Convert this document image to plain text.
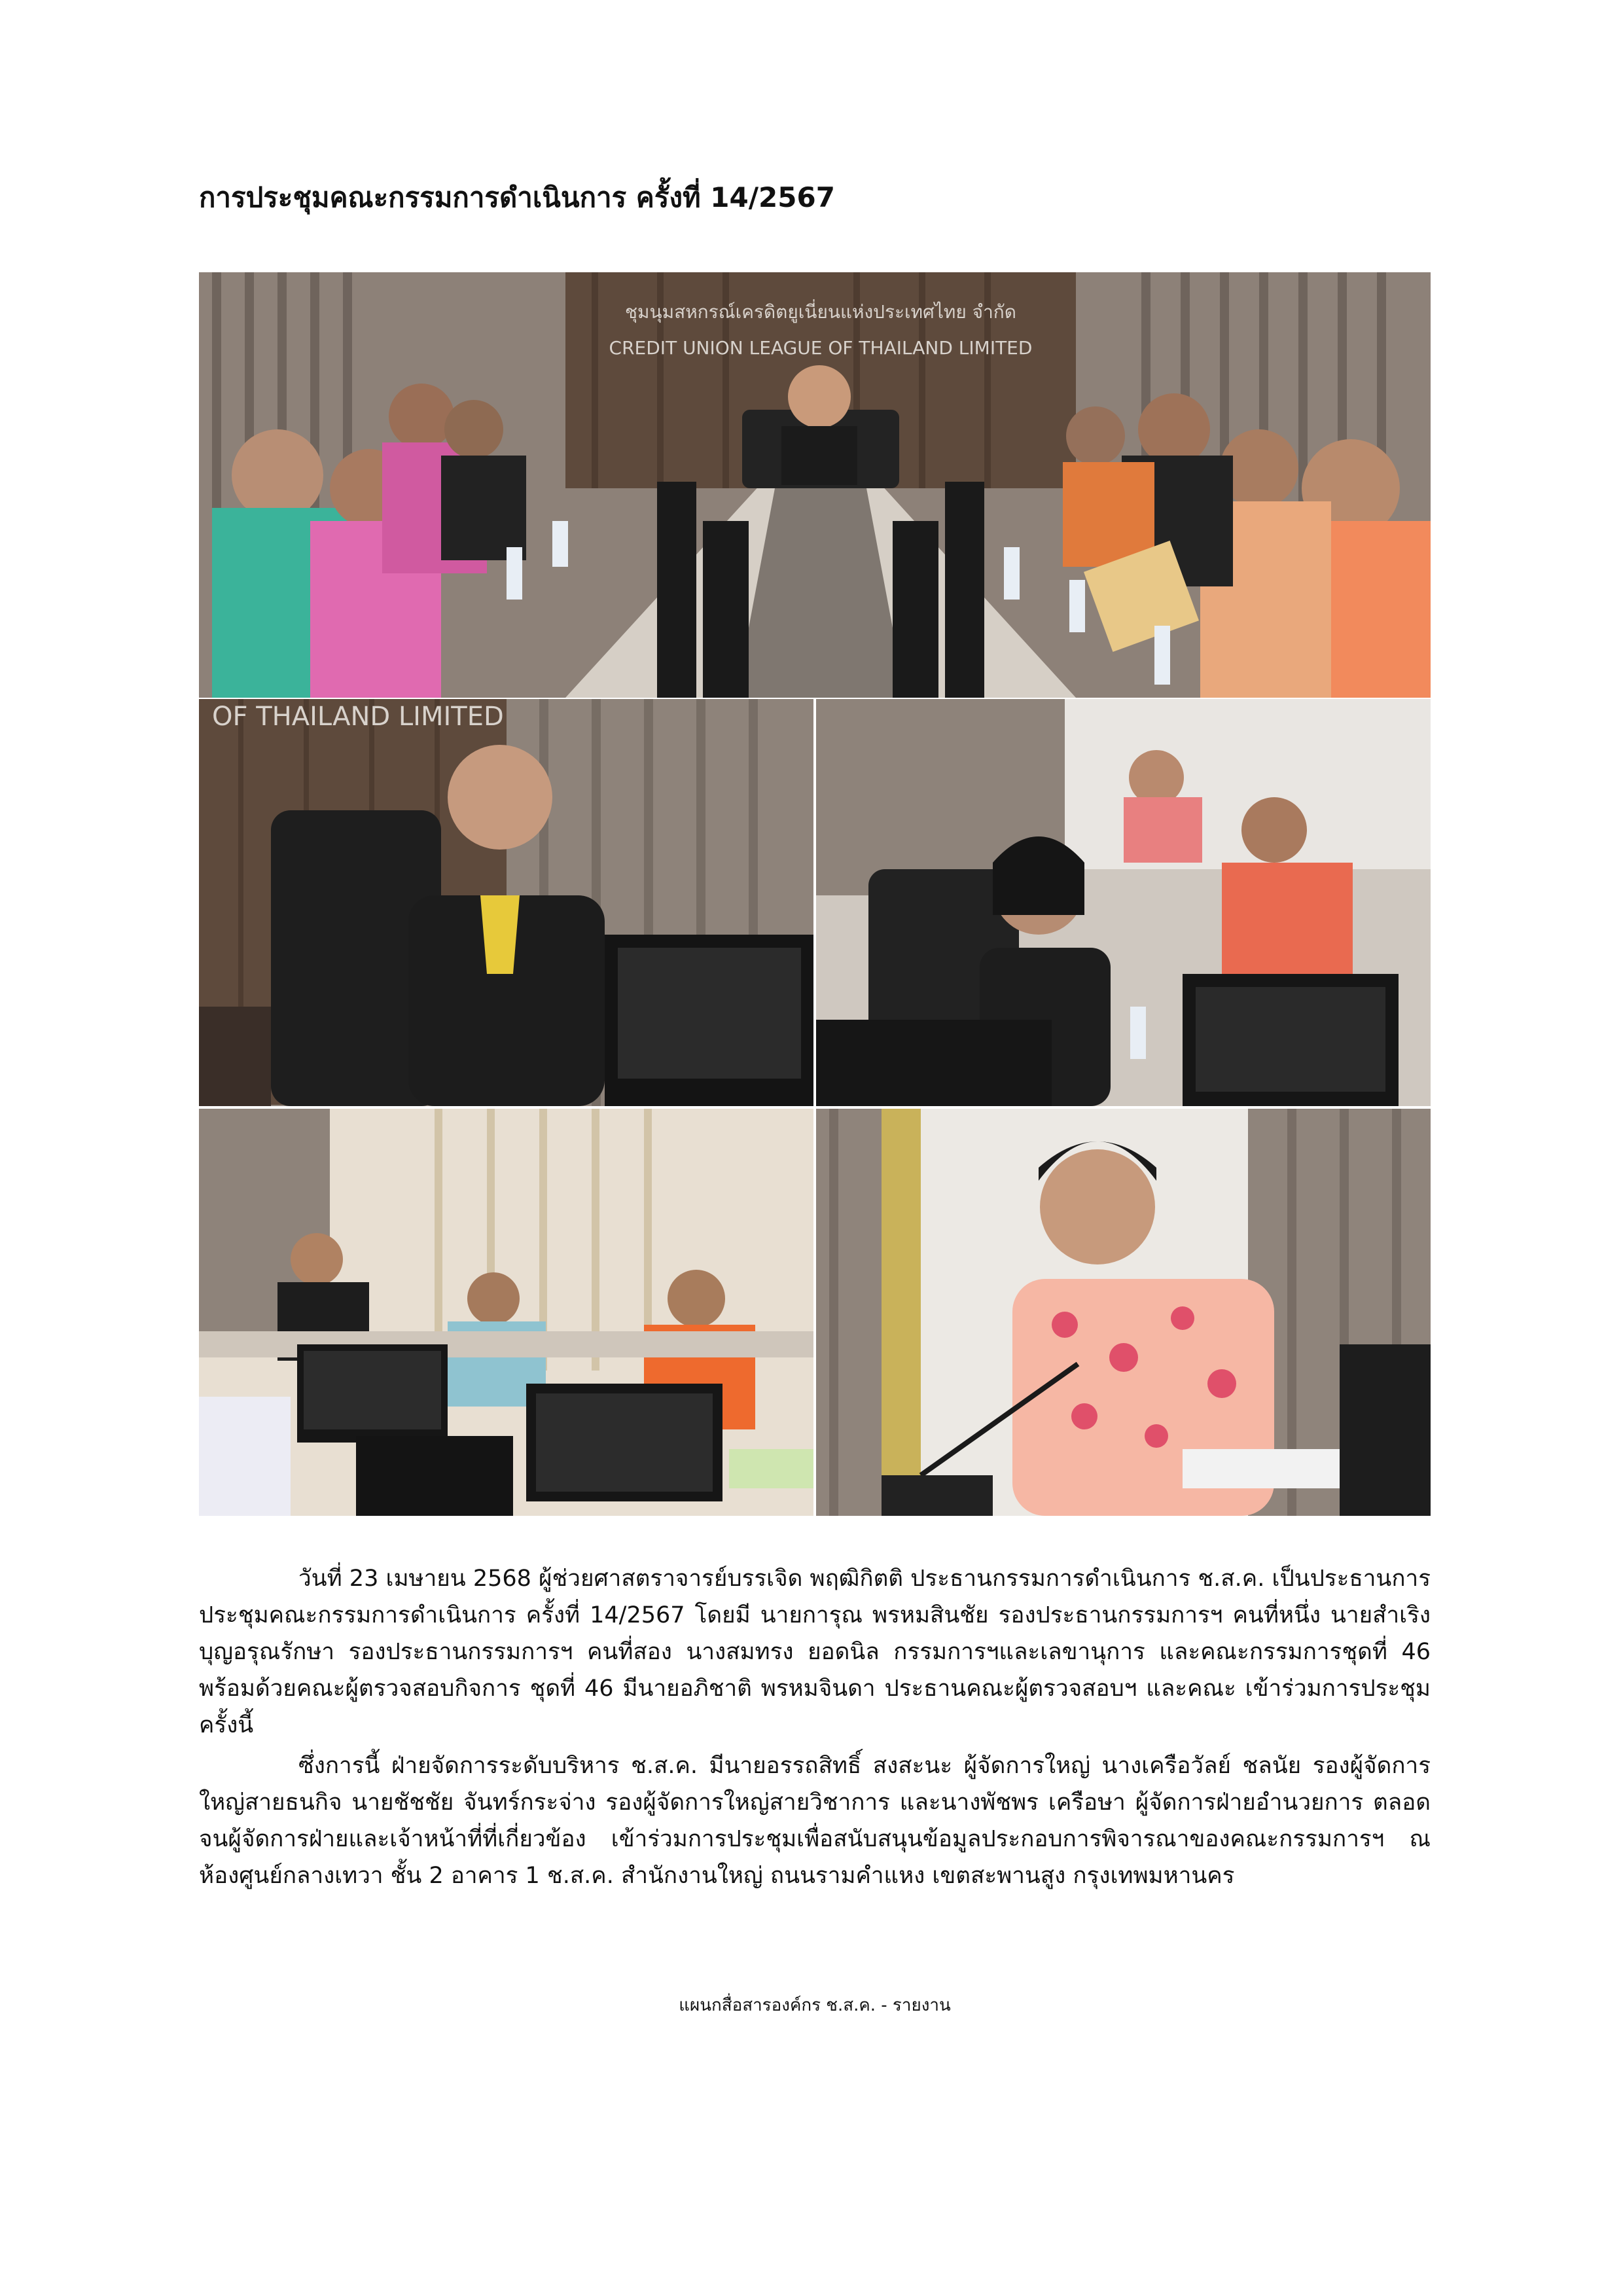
การประชุมคณะกรรมการดำเนินการ ครั้งที่ 14/2567
ชุมนุมสหกรณ์เครดิตยูเนี่ยนแห่งประเทศไทย จำกัด
CREDIT UNION LEAGUE OF THAILAND LIMITED
OF THAILAND LIMITED

วันที่ 23 เมษายน 2568 ผู้ช่วยศาสตราจารย์บรรเจิด พฤฒิกิตติ ประธานกรรมการดำเนินการ ช.ส.ค. เป็นประธานการประชุมคณะกรรมการดำเนินการ ครั้งที่ 14/2567 โดยมี นายการุณ พรหมสินชัย รองประธานกรรมการฯ คนที่หนึ่ง นายสำเริง บุญอรุณรักษา รองประธานกรรมการฯ คนที่สอง นางสมทรง ยอดนิล กรรมการฯและเลขานุการ และคณะกรรมการชุดที่ 46 พร้อมด้วยคณะผู้ตรวจสอบกิจการ ชุดที่ 46 มีนายอภิชาติ พรหมจินดา ประธานคณะผู้ตรวจสอบฯ และคณะ เข้าร่วมการประชุมครั้งนี้

ซึ่งการนี้ ฝ่ายจัดการระดับบริหาร ช.ส.ค. มีนายอรรถสิทธิ์ สงสะนะ ผู้จัดการใหญ่ นางเครือวัลย์ ชลนัย รองผู้จัดการใหญ่สายธนกิจ นายชัชชัย จันทร์กระจ่าง รองผู้จัดการใหญ่สายวิชาการ และนางพัชพร เครือษา ผู้จัดการฝ่ายอำนวยการ ตลอดจนผู้จัดการฝ่ายและเจ้าหน้าที่ที่เกี่ยวข้อง เข้าร่วมการประชุมเพื่อสนับสนุนข้อมูลประกอบการพิจารณาของคณะกรรมการฯ ณ ห้องศูนย์กลางเทวา ชั้น 2 อาคาร 1 ช.ส.ค. สำนักงานใหญ่ ถนนรามคำแหง เขตสะพานสูง กรุงเทพมหานคร

แผนกสื่อสารองค์กร ช.ส.ค. - รายงาน
